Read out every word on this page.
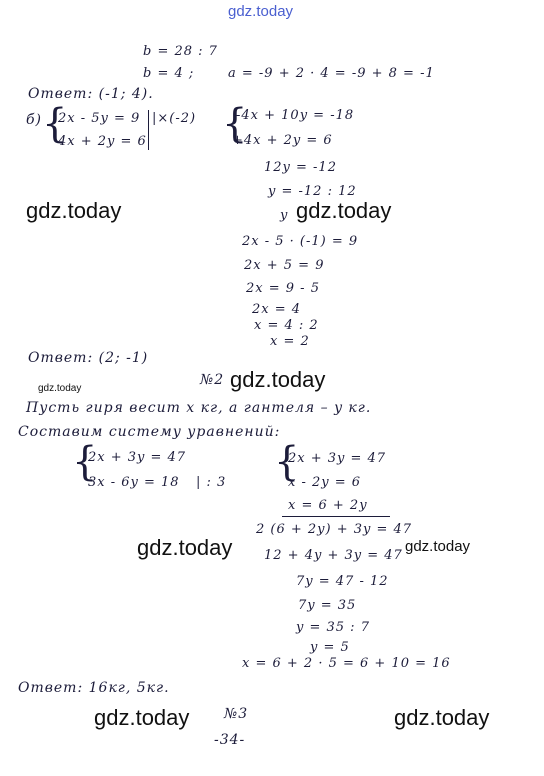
gdz.today
gdz.today	gdz.today
gdz.today
gdz.today
gdz.today	gdz.today
gdz.today	gdz.today
b = 28 : 7
b = 4 ;	a = -9 + 2 · 4 = -9 + 8 = -1
Ответ: (-1; 4).
б) {
2x - 5y = 9
4x + 2y = 6
|×(-2) {
-4x + 10y = -18
+4x + 2y = 6
12y = -12
y = -12 : 12
y
2x - 5 · (-1) = 9
2x + 5 = 9
2x = 9 - 5
2x = 4
x = 4 : 2
x = 2
Ответ: (2; -1)
№2
Пусть гиря весит x кг, а гантеля – y кг.
Составим систему уравнений:
{
2x + 3y = 47
3x - 6y = 18 | : 3 {
2x + 3y = 47
x - 2y = 6
x = 6 + 2y
2 (6 + 2y) + 3y = 47
12 + 4y + 3y = 47
7y = 47 - 12
7y = 35
y = 35 : 7
y = 5
x = 6 + 2 · 5 = 6 + 10 = 16
Ответ: 16кг, 5кг.
№3
-34-
